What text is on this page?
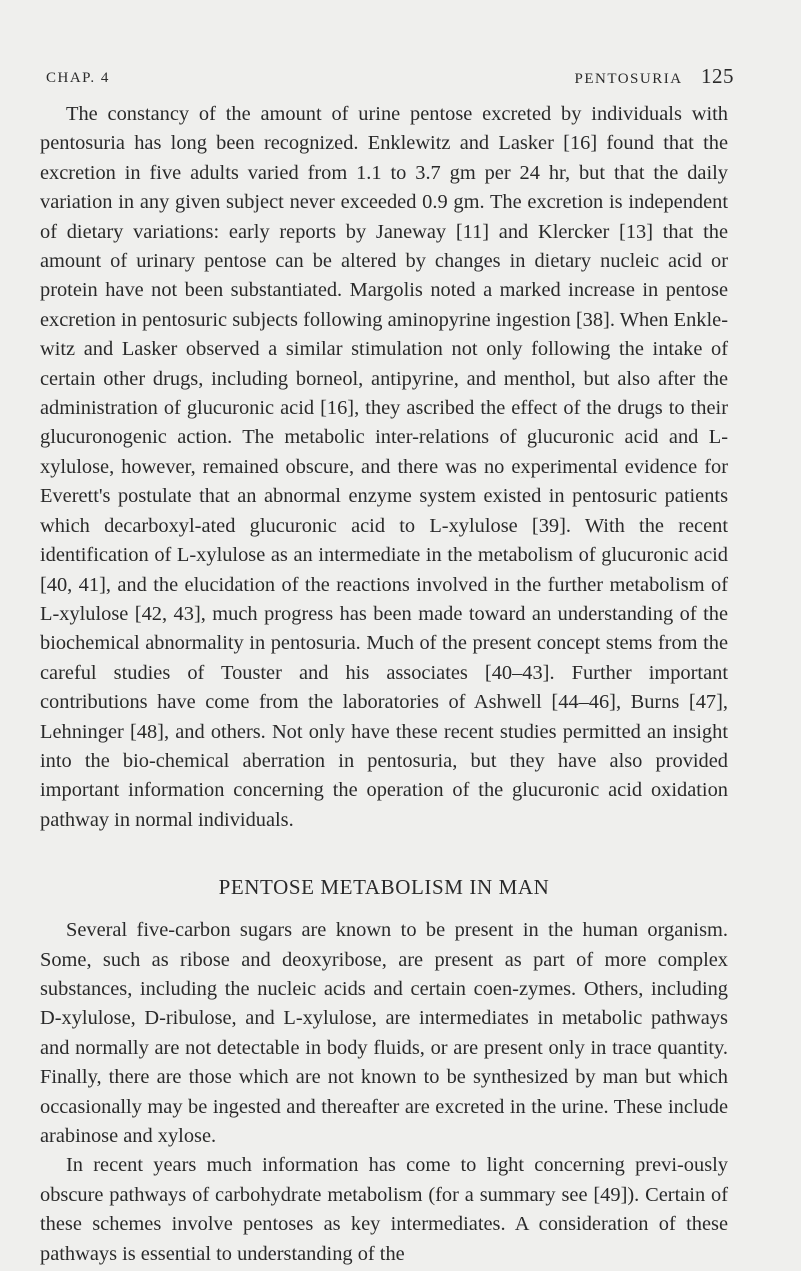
CHAP. 4	PENTOSURIA 125

The constancy of the amount of urine pentose excreted by individuals with pentosuria has long been recognized. Enklewitz and Lasker [16] found that the excretion in five adults varied from 1.1 to 3.7 gm per 24 hr, but that the daily variation in any given subject never exceeded 0.9 gm. The excretion is independent of dietary variations: early reports by Janeway [11] and Klercker [13] that the amount of urinary pentose can be altered by changes in dietary nucleic acid or protein have not been substantiated. Margolis noted a marked increase in pentose excretion in pentosuric subjects following aminopyrine ingestion [38]. When Enkle-witz and Lasker observed a similar stimulation not only following the intake of certain other drugs, including borneol, antipyrine, and menthol, but also after the administration of glucuronic acid [16], they ascribed the effect of the drugs to their glucuronogenic action. The metabolic inter-relations of glucuronic acid and L-xylulose, however, remained obscure, and there was no experimental evidence for Everett's postulate that an abnormal enzyme system existed in pentosuric patients which decarboxyl-ated glucuronic acid to L-xylulose [39]. With the recent identification of L-xylulose as an intermediate in the metabolism of glucuronic acid [40, 41], and the elucidation of the reactions involved in the further metabolism of L-xylulose [42, 43], much progress has been made toward an understanding of the biochemical abnormality in pentosuria. Much of the present concept stems from the careful studies of Touster and his associates [40–43]. Further important contributions have come from the laboratories of Ashwell [44–46], Burns [47], Lehninger [48], and others. Not only have these recent studies permitted an insight into the bio-chemical aberration in pentosuria, but they have also provided important information concerning the operation of the glucuronic acid oxidation pathway in normal individuals.

PENTOSE METABOLISM IN MAN

Several five-carbon sugars are known to be present in the human organism. Some, such as ribose and deoxyribose, are present as part of more complex substances, including the nucleic acids and certain coen-zymes. Others, including D-xylulose, D-ribulose, and L-xylulose, are intermediates in metabolic pathways and normally are not detectable in body fluids, or are present only in trace quantity. Finally, there are those which are not known to be synthesized by man but which occasionally may be ingested and thereafter are excreted in the urine. These include arabinose and xylose.

In recent years much information has come to light concerning previ-ously obscure pathways of carbohydrate metabolism (for a summary see [49]). Certain of these schemes involve pentoses as key intermediates. A consideration of these pathways is essential to understanding of the
